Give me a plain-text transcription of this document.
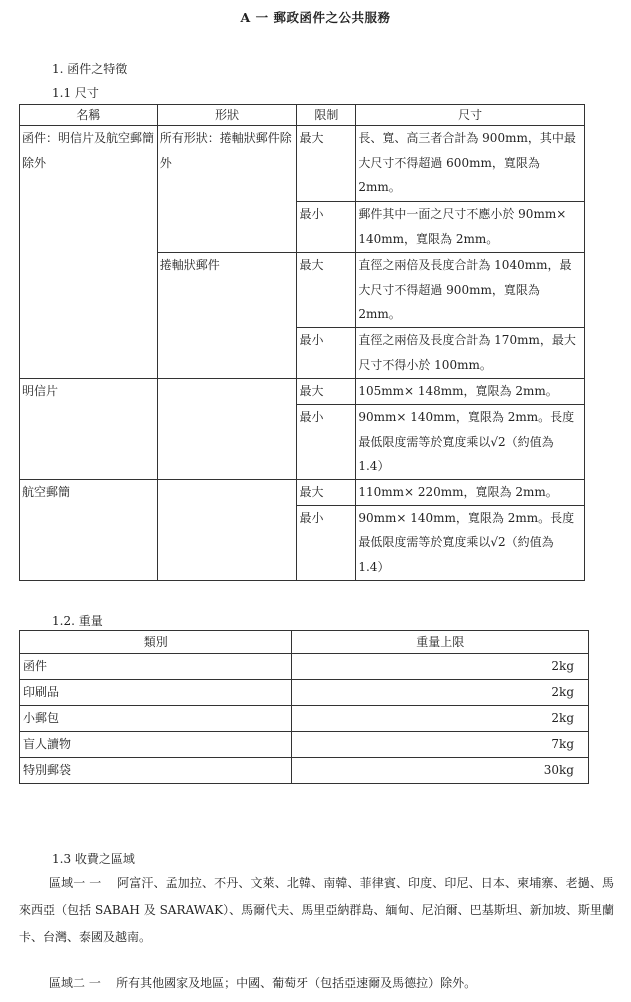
A 一 郵政函件之公共服務
1. 函件之特徵
1.1 尺寸
名稱	形狀	限制	尺寸
函件：明信片及航空郵簡除外	所有形狀：捲軸狀郵件除外	最大	長、寬、高三者合計為 900mm，其中最大尺寸不得超過 600mm，寬限為 2mm。
		最小	郵件其中一面之尺寸不應小於 90mm× 140mm，寬限為 2mm。
	捲軸狀郵件	最大	直徑之兩倍及長度合計為 1040mm，最大尺寸不得超過 900mm，寬限為 2mm。
		最小	直徑之兩倍及長度合計為 170mm，最大尺寸不得小於 100mm。
明信片		最大	105mm× 148mm，寬限為 2mm。
		最小	90mm× 140mm，寬限為 2mm。長度最低限度需等於寬度乘以√2（約值為 1.4）
航空郵簡		最大	110mm× 220mm，寬限為 2mm。
		最小	90mm× 140mm，寬限為 2mm。長度最低限度需等於寬度乘以√2（約值為 1.4）
1.2. 重量
類別	重量上限
函件	2kg
印刷品	2kg
小郵包	2kg
盲人讀物	7kg
特別郵袋	30kg
1.3 收費之區域
區域一 一 阿富汗、孟加拉、不丹、文萊、北韓、南韓、菲律賓、印度、印尼、日本、柬埔寨、老撾、馬來西亞（包括 SABAH 及 SARAWAK）、馬爾代夫、馬里亞納群島、緬甸、尼泊爾、巴基斯坦、新加坡、斯里蘭卡、台灣、泰國及越南。
區域二 一 所有其他國家及地區；中國、葡萄牙（包括亞速爾及馬德拉）除外。
